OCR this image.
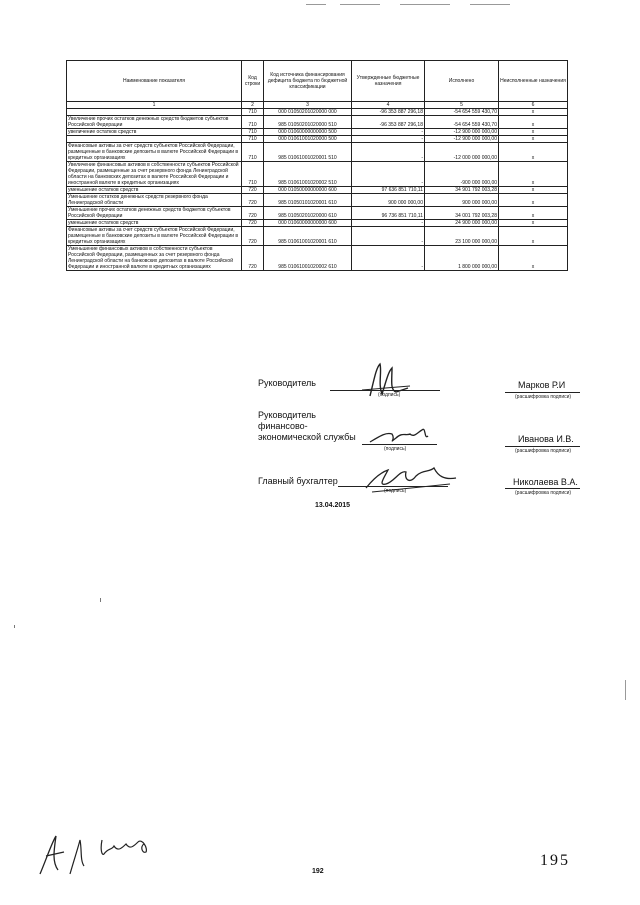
Наименование показателя	Код строки	Код источника финансирования дефицита бюджета по бюджетной классификации	Утвержденные бюджетные назначения	Исполнено	Неисполненные назначения
1	2	3	4	5	6
	710	000 01050201020000 000	-96 353 887 296,18	-54 654 559 430,70	x
Увеличение прочих остатков денежных средств бюджетов субъектов Российской Федерации	710	985 01050201020000 510	-96 353 887 296,18	-54 654 559 430,70	x
увеличение остатков средств	710	000 01060000000000 500	-	-12 900 000 000,00	x
	710	000 01061001020000 500	-	-12 900 000 000,00	x
Финансовые активы за счет средств субъектов Российской Федерации, размещенные в банковские депозиты в валюте Российской Федерации в кредитных организациях	710	985 01061001020001 510	-	-12 000 000 000,00	x
Увеличение финансовых активов в собственности субъектов Российской Федерации, размещенные за счет резервного фонда Ленинградской области на банковских депозитах в валюте Российской Федерации и иностранной валюте в кредитных организациях	710	985 01061001020002 510	-	-900 000 000,00	x
уменьшение остатков средств	720	000 01050000000000 600	97 636 851 710,11	34 901 792 003,28	x
Уменьшение остатков денежных средств резервного фонда Ленинградской области	720	985 01050101020001 610	900 000 000,00	900 000 000,00	x
Уменьшение прочих остатков денежных средств бюджетов субъектов Российской Федерации	720	985 01050201020000 610	96 736 851 710,11	34 001 792 003,28	x
уменьшение остатков средств	720	000 01060000000000 600	-	24 900 000 000,00	x
Финансовые активы за счет средств субъектов Российской Федерации, размещенные в банковские депозиты в валюте Российской Федерации в кредитных организациях	720	985 01061001020001 610	-	23 100 000 000,00	x
Уменьшение финансовых активов в собственности субъектов Российской Федерации, размещенных за счет резервного фонда Ленинградской области на банковских депозитах в валюте Российской Федерации и иностранной валюте в кредитных организациях	720	985 01061001020002 610	-	1 800 000 000,00	x
Руководитель
(подпись)
Марков Р.И
(расшифровка подписи)
Руководитель
финансово-
экономической службы
(подпись)
Иванова И.В.
(расшифровка подписи)
Главный бухгалтер
(подпись)
Николаева В.А.
(расшифровка подписи)
13.04.2015
192
195
